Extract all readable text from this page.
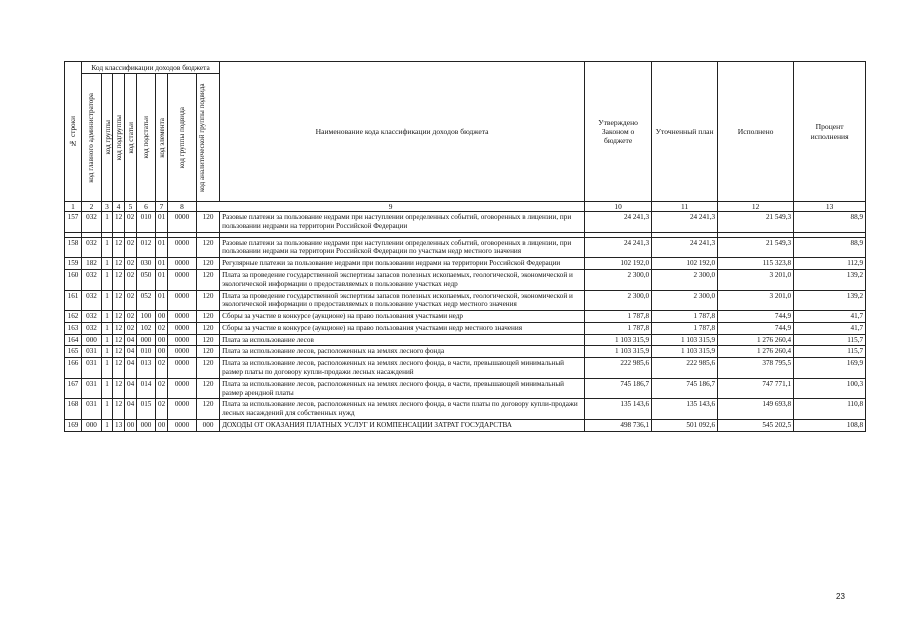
№ строки	Код классификации доходов бюджета								Наименование кода классификации доходов бюджета	Утверждено Законом о бюджете	Уточненный план	Исполнено	Процент исполнения

	код главного администратора	код группы	код подгруппы	код статьи	код подстатьи	код элемента	код группы подвида	код аналитической группы подвида					

1	2	3	4	5	6	7	8	9		10	11	12	13
157	032	1	12	02	010	01	0000	120	Разовые платежи за пользование недрами при наступлении определенных событий, оговоренных в лицензии, при пользовании недрами на территории Российской Федерации	24 241,3	24 241,3	21 549,3	88,9

158	032	1	12	02	012	01	0000	120	Разовые платежи за пользование недрами при наступлении определенных событий, оговоренных в лицензии, при пользовании недрами на территории Российской Федерации по участкам недр местного значения	24 241,3	24 241,3	21 549,3	88,9
159	182	1	12	02	030	01	0000	120	Регулярные платежи за пользование недрами при пользовании недрами на территории Российской Федерации	102 192,0	102 192,0	115 323,8	112,9
160	032	1	12	02	050	01	0000	120	Плата за проведение государственной экспертизы запасов полезных ископаемых, геологической, экономической и экологической информации о предоставляемых в пользование участках недр	2 300,0	2 300,0	3 201,0	139,2
161	032	1	12	02	052	01	0000	120	Плата за проведение государственной экспертизы запасов полезных ископаемых, геологической, экономической и экологической информации о предоставляемых в пользование участках недр местного значения	2 300,0	2 300,0	3 201,0	139,2
162	032	1	12	02	100	00	0000	120	Сборы за участие в конкурсе (аукционе) на право пользования участками недр	1 787,8	1 787,8	744,9	41,7
163	032	1	12	02	102	02	0000	120	Сборы за участие в конкурсе (аукционе) на право пользования участками недр местного значения	1 787,8	1 787,8	744,9	41,7
164	000	1	12	04	000	00	0000	120	Плата за использование лесов	1 103 315,9	1 103 315,9	1 276 260,4	115,7
165	031	1	12	04	010	00	0000	120	Плата за использование лесов, расположенных на землях лесного фонда	1 103 315,9	1 103 315,9	1 276 260,4	115,7
166	031	1	12	04	013	02	0000	120	Плата за использование лесов, расположенных на землях лесного фонда, в части, превышающей минимальный размер платы по договору купли-продажи лесных насаждений	222 985,6	222 985,6	378 795,5	169,9
167	031	1	12	04	014	02	0000	120	Плата за использование лесов, расположенных на землях лесного фонда, в части, превышающей минимальный размер арендной платы	745 186,7	745 186,7	747 771,1	100,3
168	031	1	12	04	015	02	0000	120	Плата за использование лесов, расположенных на землях лесного фонда, в части платы по договору купли-продажи лесных насаждений для собственных нужд	135 143,6	135 143,6	149 693,8	110,8
169	000	1	13	00	000	00	0000	000	ДОХОДЫ ОТ ОКАЗАНИЯ ПЛАТНЫХ УСЛУГ И КОМПЕНСАЦИИ ЗАТРАТ ГОСУДАРСТВА	498 736,1	501 092,6	545 202,5	108,8
23
